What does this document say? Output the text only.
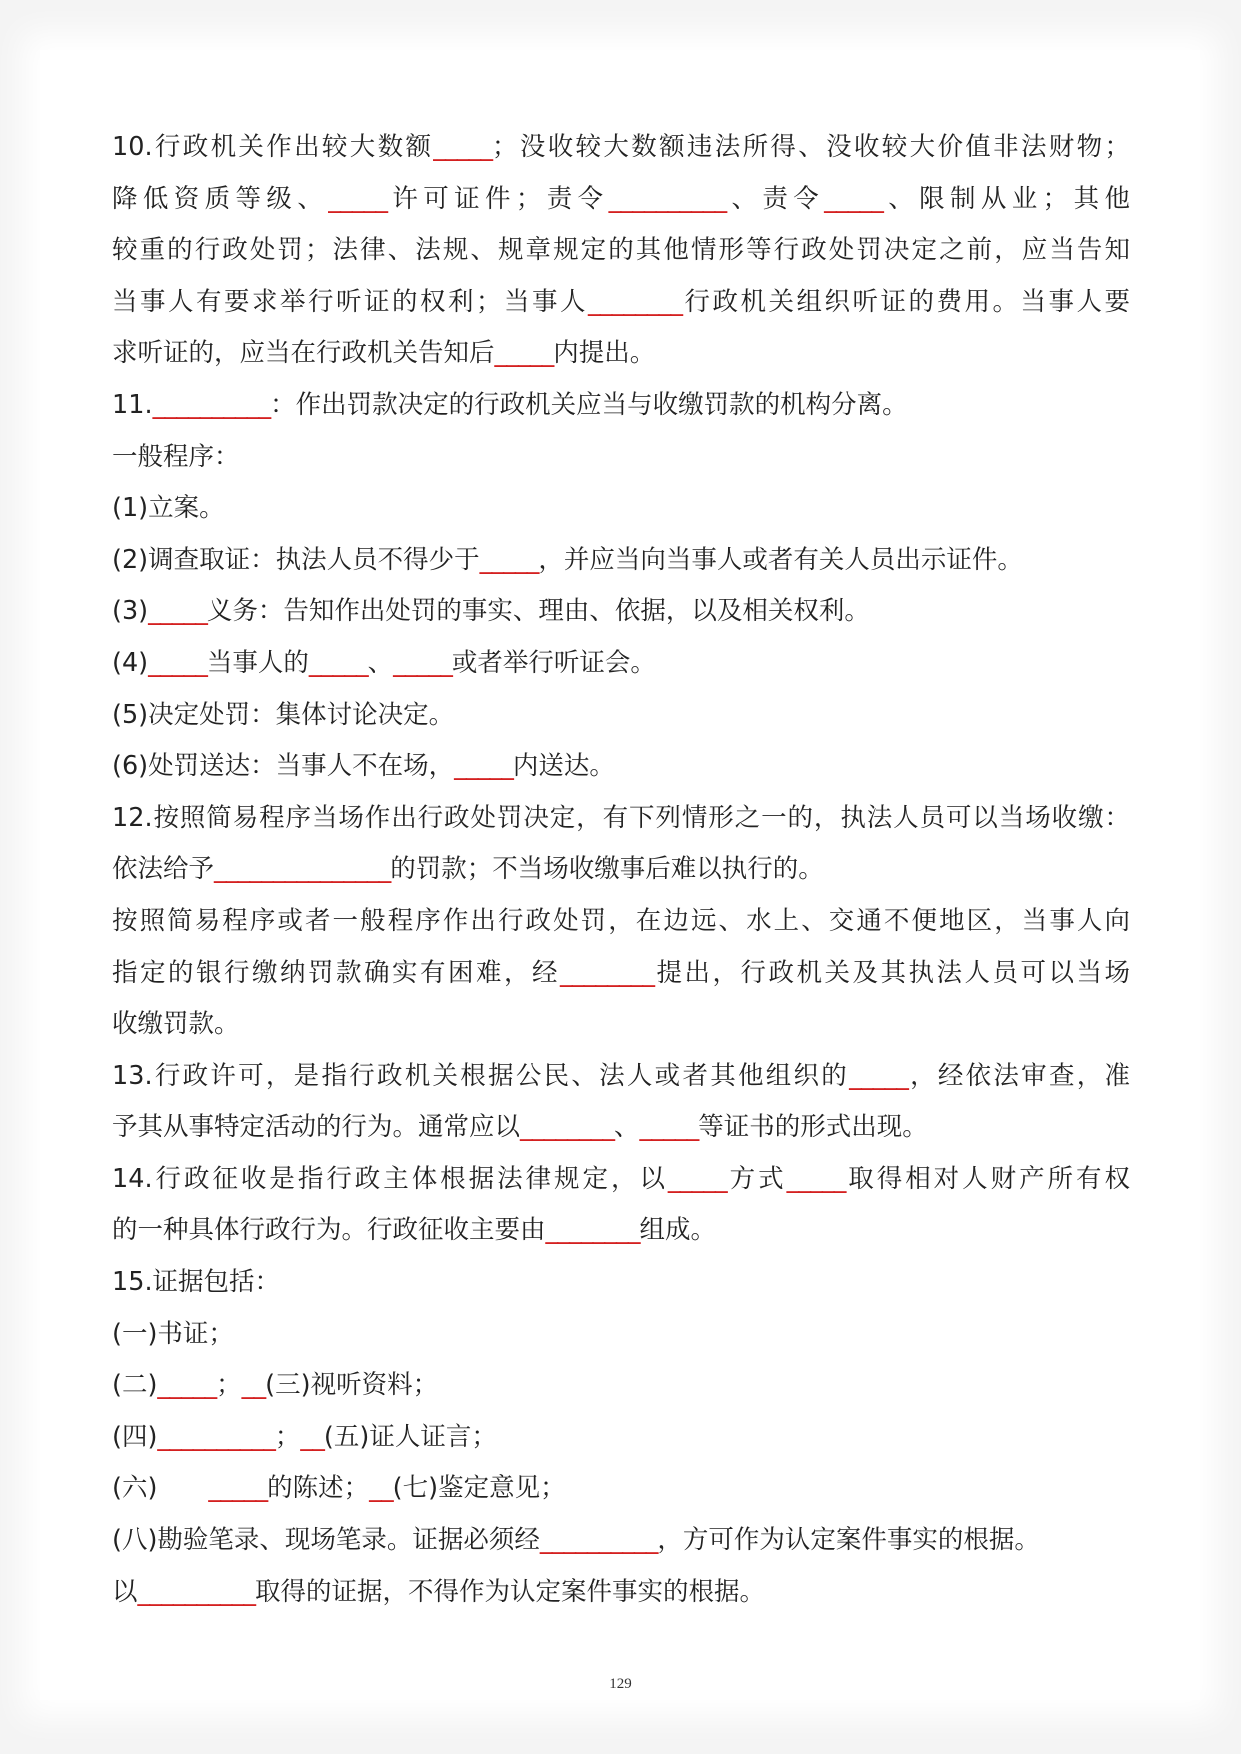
10.行政机关作出较大数额_____；没收较大数额违法所得、没收较大价值非法财物；
降低资质等级、_____许可证件；责令__________、责令_____、限制从业；其他
较重的行政处罚；法律、法规、规章规定的其他情形等行政处罚决定之前，应当告知
当事人有要求举行听证的权利；当事人________行政机关组织听证的费用。当事人要
求听证的，应当在行政机关告知后_____内提出。
11.__________：作出罚款决定的行政机关应当与收缴罚款的机构分离。
一般程序：
(1)立案。
(2)调查取证：执法人员不得少于_____，并应当向当事人或者有关人员出示证件。
(3)_____义务：告知作出处罚的事实、理由、依据，以及相关权利。
(4)_____当事人的_____、_____或者举行听证会。
(5)决定处罚：集体讨论决定。
(6)处罚送达：当事人不在场，_____内送达。
12.按照简易程序当场作出行政处罚决定，有下列情形之一的，执法人员可以当场收缴：
依法给予_______________的罚款；不当场收缴事后难以执行的。
按照简易程序或者一般程序作出行政处罚，在边远、水上、交通不便地区，当事人向
指定的银行缴纳罚款确实有困难，经________提出，行政机关及其执法人员可以当场
收缴罚款。
13.行政许可，是指行政机关根据公民、法人或者其他组织的_____，经依法审查，准
予其从事特定活动的行为。通常应以________、_____等证书的形式出现。
14.行政征收是指行政主体根据法律规定，以_____方式_____取得相对人财产所有权
的一种具体行政行为。行政征收主要由________组成。
15.证据包括：
(一)书证；
(二)_____；__(三)视听资料；
(四)__________；__(五)证人证言；
(六)　　_____的陈述；__(七)鉴定意见；
(八)勘验笔录、现场笔录。证据必须经__________，方可作为认定案件事实的根据。
以__________取得的证据，不得作为认定案件事实的根据。
129
